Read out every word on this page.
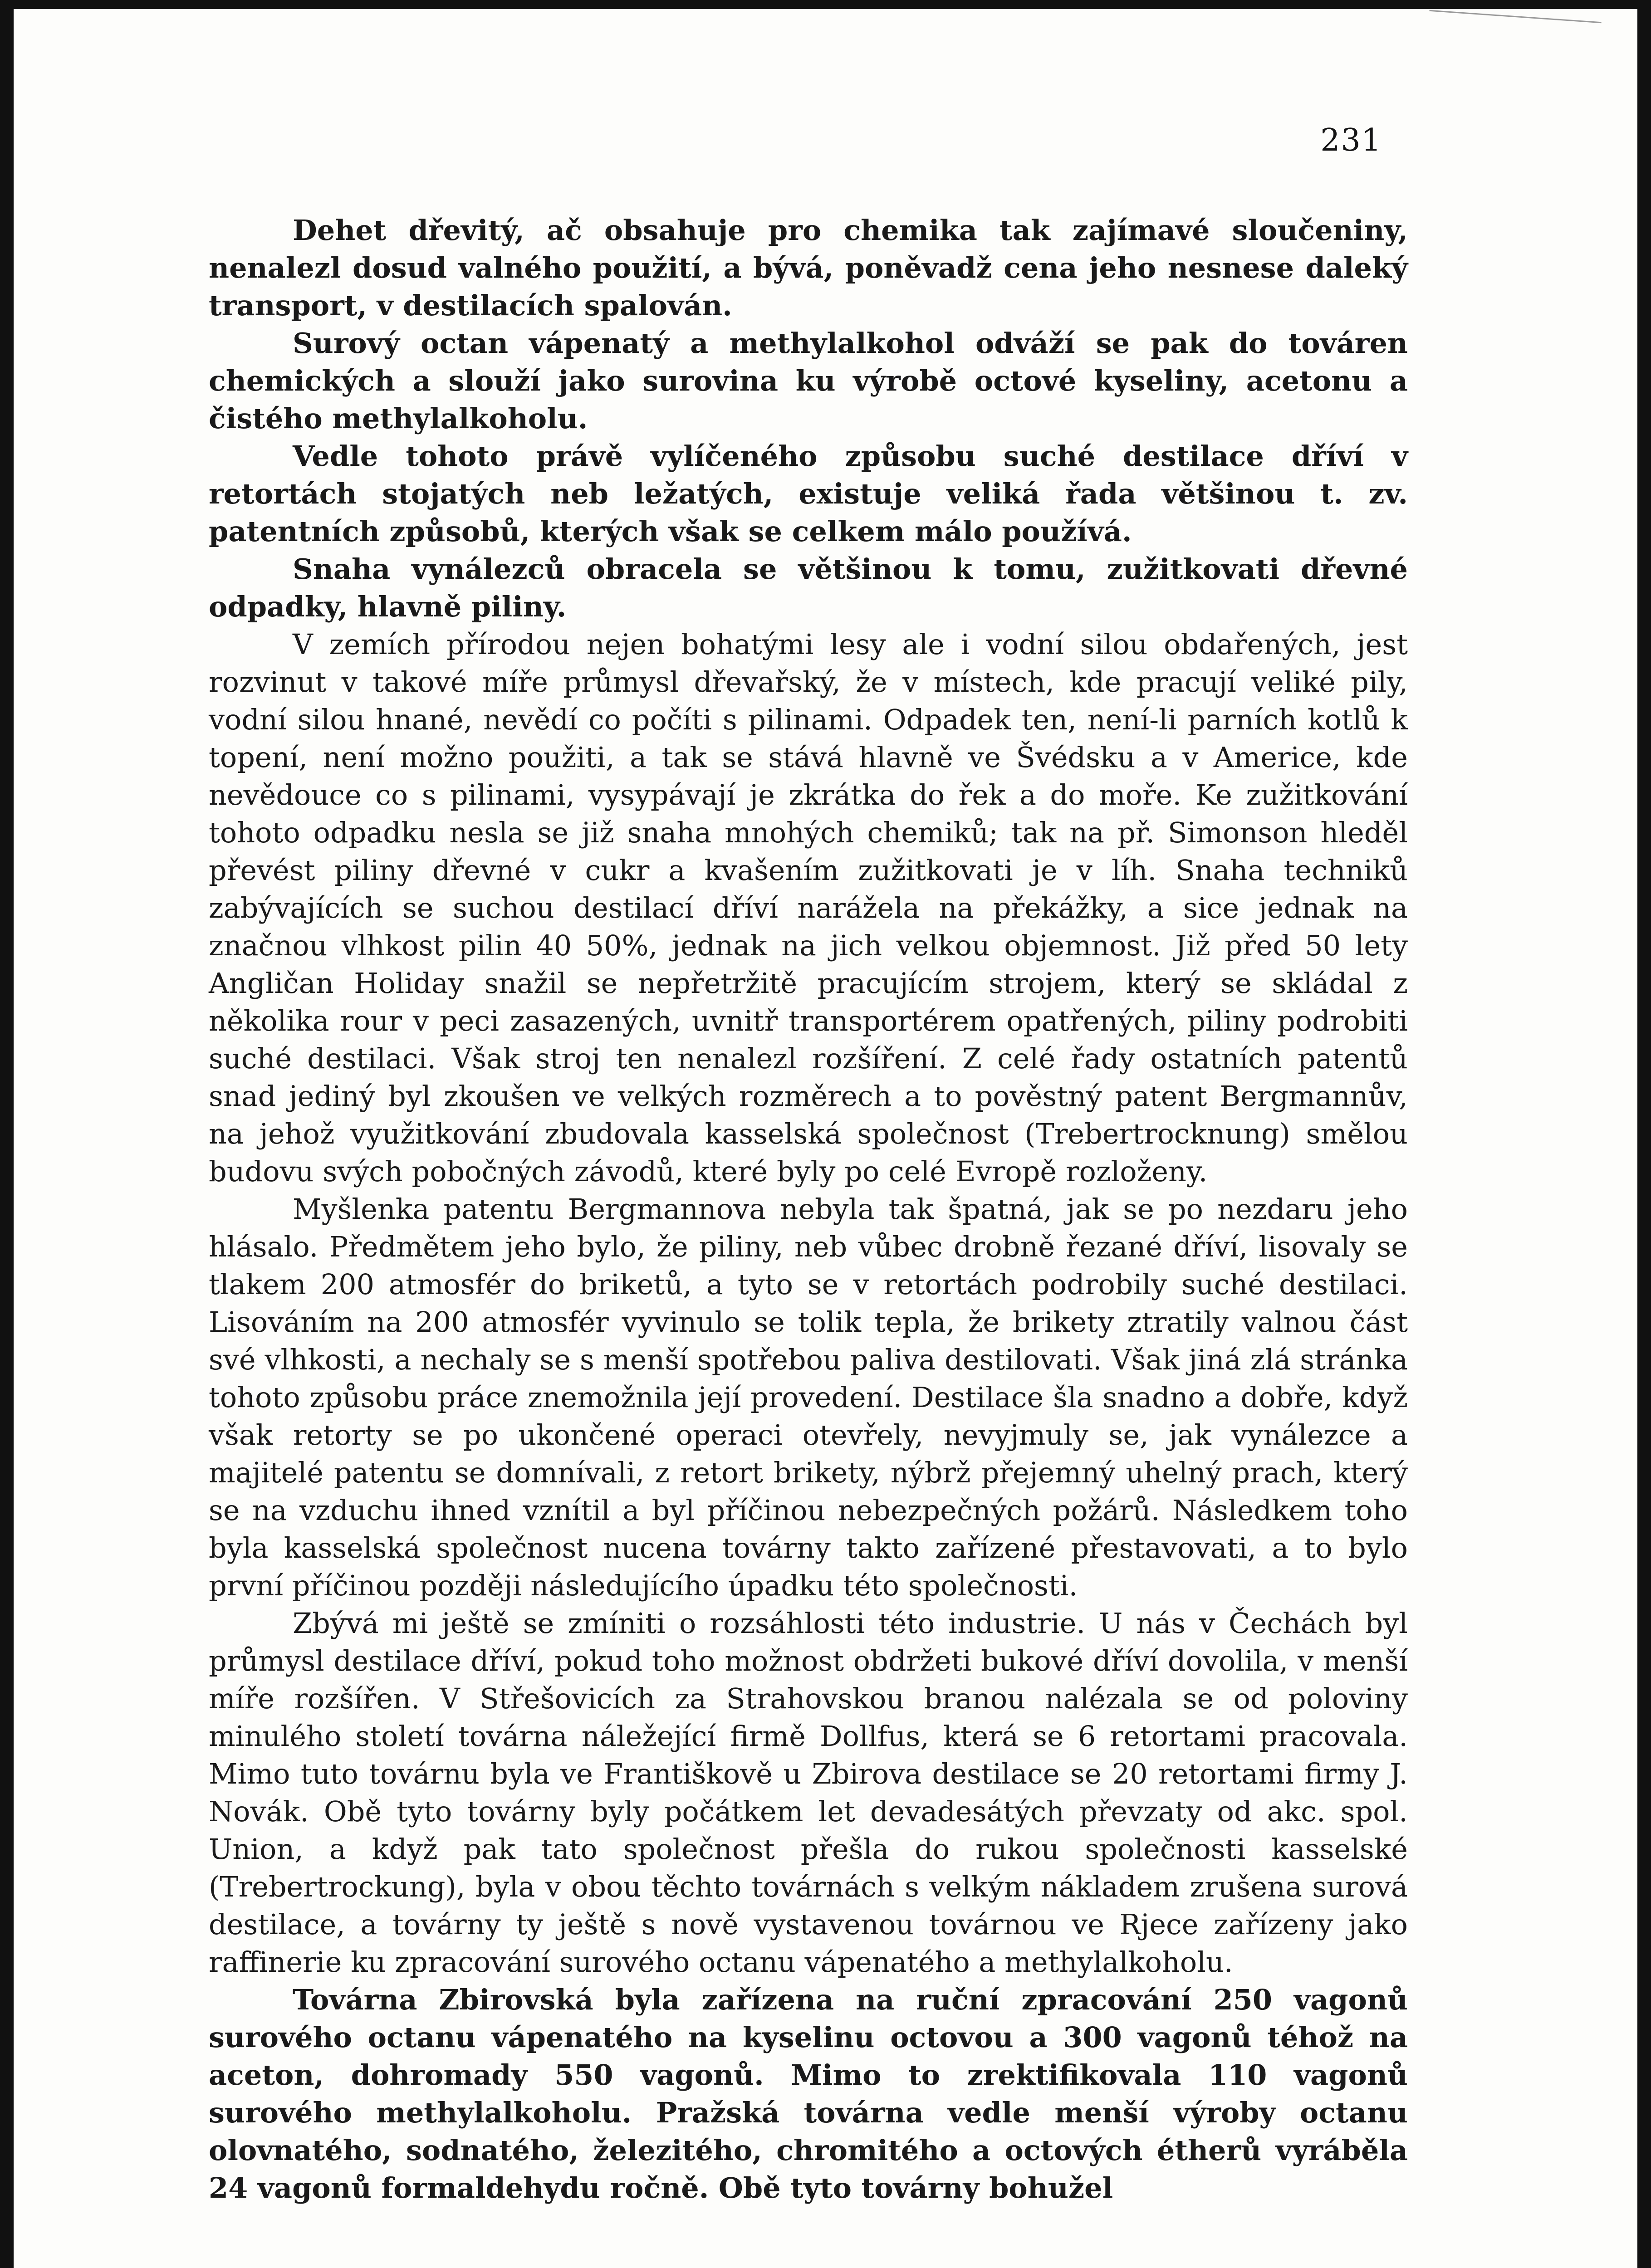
231

Dehet dřevitý, ač obsahuje pro chemika tak zajímavé sloučeniny, nenalezl dosud valného použití, a bývá, poněvadž cena jeho nesnese daleký transport, v destilacích spalován.

Surový octan vápenatý a methylalkohol odváží se pak do továren chemických a slouží jako surovina ku výrobě octové kyseliny, acetonu a čistého methylalkoholu.

Vedle tohoto právě vylíčeného způsobu suché destilace dříví v retortách stojatých neb ležatých, existuje veliká řada většinou t. zv. patentních způsobů, kterých však se celkem málo používá.

Snaha vynálezců obracela se většinou k tomu, zužitkovati dřevné odpadky, hlavně piliny.

V zemích přírodou nejen bohatými lesy ale i vodní silou obdařených, jest rozvinut v takové míře průmysl dřevařský, že v místech, kde pracují veliké pily, vodní silou hnané, nevědí co počíti s pilinami. Odpadek ten, není-li parních kotlů k topení, není možno použiti, a tak se stává hlavně ve Švédsku a v Americe, kde nevědouce co s pilinami, vysypávají je zkrátka do řek a do moře. Ke zužitkování tohoto odpadku nesla se již snaha mnohých chemiků; tak na př. Simonson hleděl převést piliny dřevné v cukr a kvašením zužitkovati je v líh. Snaha techniků zabývajících se suchou destilací dříví narážela na překážky, a sice jednak na značnou vlhkost pilin 40 50%, jednak na jich velkou objemnost. Již před 50 lety Angličan Holiday snažil se nepřetržitě pracujícím strojem, který se skládal z několika rour v peci zasazených, uvnitř transportérem opatřených, piliny podrobiti suché destilaci. Však stroj ten nenalezl rozšíření. Z celé řady ostatních patentů snad jediný byl zkoušen ve velkých rozměrech a to pověstný patent Bergmannův, na jehož využitkování zbudovala kasselská společnost (Trebertrocknung) smělou budovu svých pobočných závodů, které byly po celé Evropě rozloženy.

Myšlenka patentu Bergmannova nebyla tak špatná, jak se po nezdaru jeho hlásalo. Předmětem jeho bylo, že piliny, neb vůbec drobně řezané dříví, lisovaly se tlakem 200 atmosfér do briketů, a tyto se v retortách podrobily suché destilaci. Lisováním na 200 atmosfér vyvinulo se tolik tepla, že brikety ztratily valnou část své vlhkosti, a nechaly se s menší spotřebou paliva destilovati. Však jiná zlá stránka tohoto způsobu práce znemožnila její provedení. Destilace šla snadno a dobře, když však retorty se po ukončené operaci otevřely, nevyjmuly se, jak vynálezce a majitelé patentu se domnívali, z retort brikety, nýbrž přejemný uhelný prach, který se na vzduchu ihned vznítil a byl příčinou nebezpečných požárů. Následkem toho byla kasselská společnost nucena továrny takto zařízené přestavovati, a to bylo první příčinou později následujícího úpadku této společnosti.

Zbývá mi ještě se zmíniti o rozsáhlosti této industrie. U nás v Čechách byl průmysl destilace dříví, pokud toho možnost obdržeti bukové dříví dovolila, v menší míře rozšířen. V Střešovicích za Strahovskou branou nalézala se od poloviny minulého století továrna náležející firmě Dollfus, která se 6 retortami pracovala. Mimo tuto továrnu byla ve Františkově u Zbirova destilace se 20 retortami firmy J. Novák. Obě tyto továrny byly počátkem let devadesátých převzaty od akc. spol. Union, a když pak tato společnost přešla do rukou společnosti kasselské (Trebertrockung), byla v obou těchto továrnách s velkým nákladem zrušena surová destilace, a továrny ty ještě s nově vystavenou továrnou ve Rjece zařízeny jako raffinerie ku zpracování surového octanu vápenatého a methylalkoholu.

Továrna Zbirovská byla zařízena na ruční zpracování 250 vagonů surového octanu vápenatého na kyselinu octovou a 300 vagonů téhož na aceton, dohromady 550 vagonů. Mimo to zrektifikovala 110 vagonů surového methylalkoholu. Pražská továrna vedle menší výroby octanu olovnatého, sodnatého, železitého, chromitého a octových étherů vyráběla 24 vagonů formaldehydu ročně. Obě tyto továrny bohužel
